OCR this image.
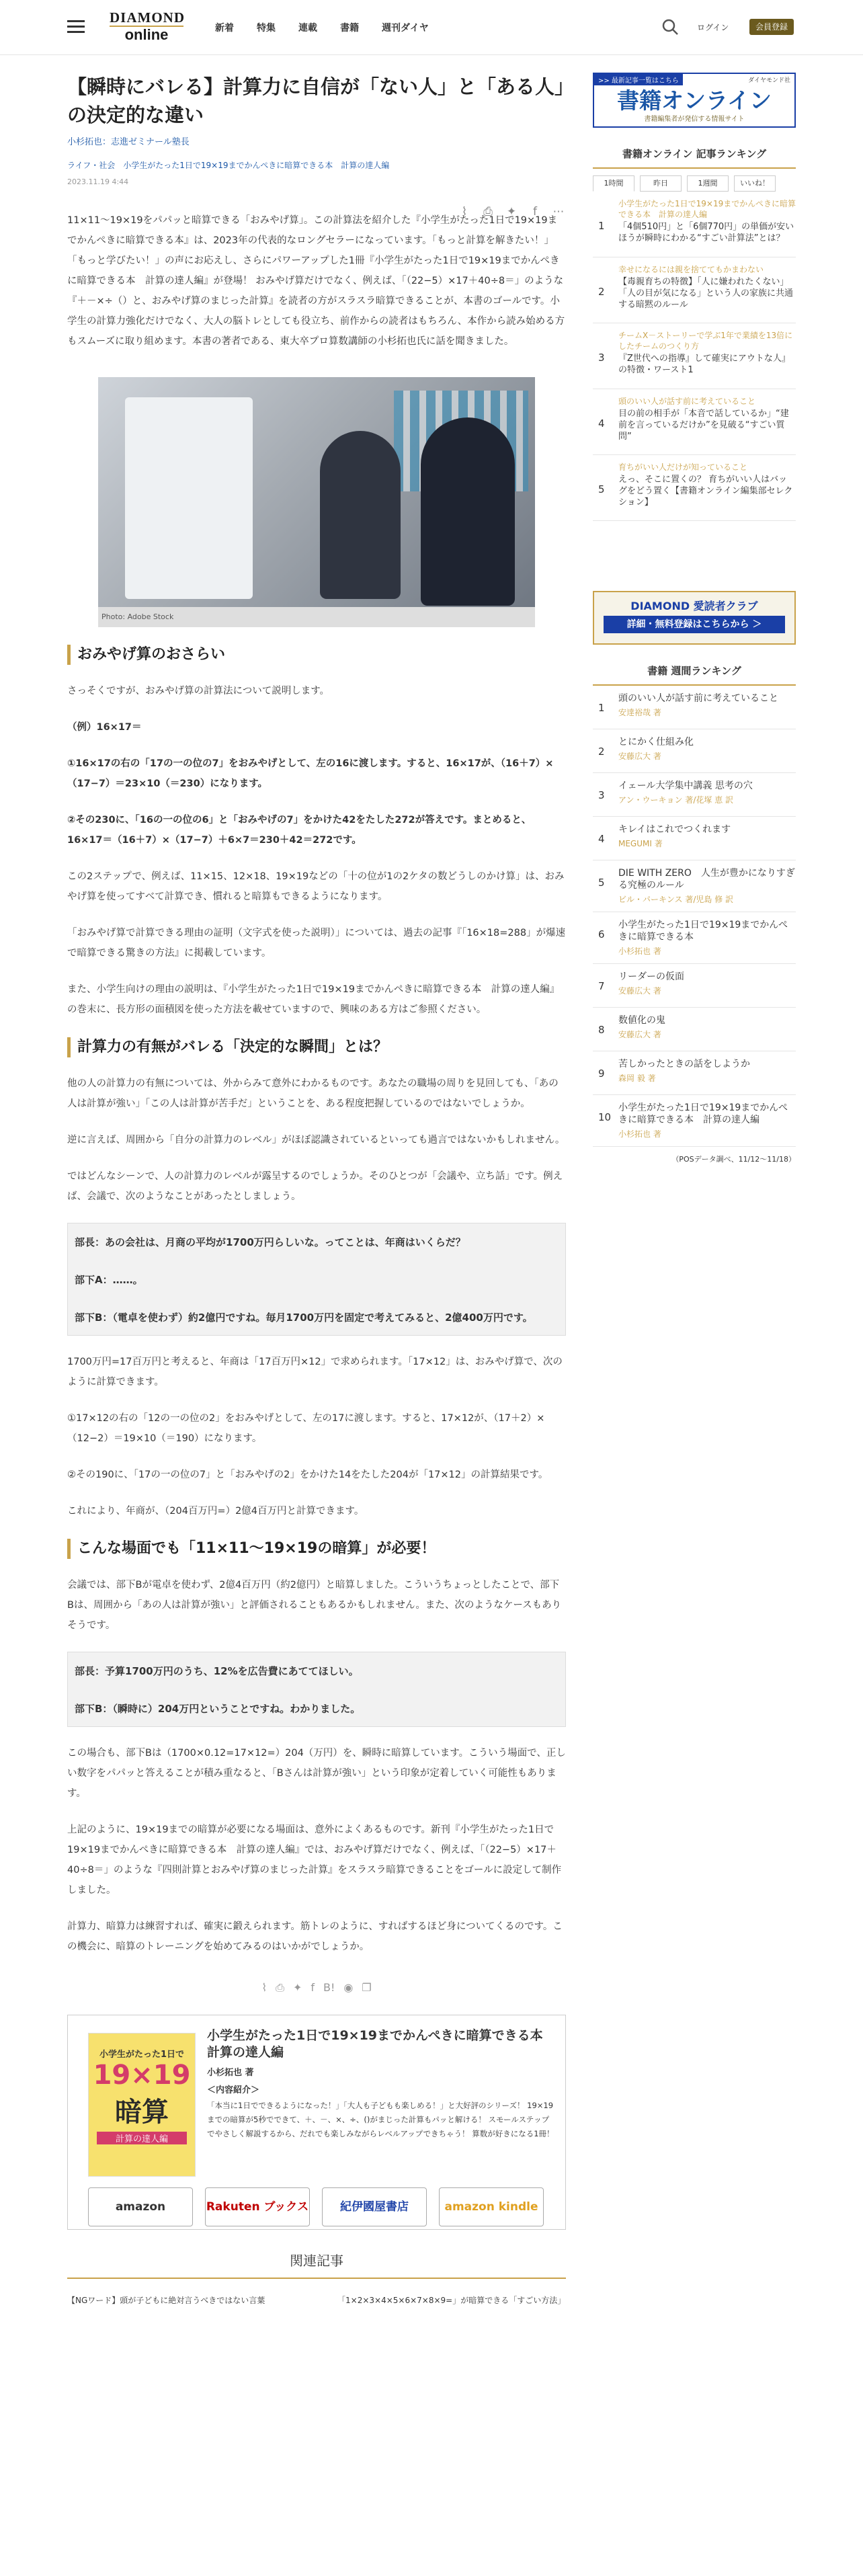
DIAMOND
online	新着 特集 連載 書籍 週刊ダイヤ	ログイン	会員登録
【瞬時にバレる】計算力に自信が「ない人」と「ある人」の決定的な違い
小杉拓也：志進ゼミナール塾長
ライフ・社会　小学生がたった1日で19×19までかんぺきに暗算できる本　計算の達人編
2023.11.19 4:44
⌇	⎙ ✦	f	⋯

11×11～19×19をパパッと暗算できる「おみやげ算」。この計算法を紹介した『小学生がたった1日で19×19までかんぺきに暗算できる本』は、2023年の代表的なロングセラーになっています。「もっと計算を解きたい！」「もっと学びたい！」の声にお応えし、さらにパワーアップした1冊『小学生がたった1日で19×19までかんぺきに暗算できる本　計算の達人編』が登場！ おみやげ算だけでなく、例えば、「（22−5）×17＋40÷8＝」のような『＋－×÷（）と、おみやげ算のまじった計算』を読者の方がスラスラ暗算できることが、本書のゴールです。小学生の計算力強化だけでなく、大人の脳トレとしても役立ち、前作からの読者はもちろん、本作から読み始める方もスムーズに取り組めます。本書の著者である、東大卒プロ算数講師の小杉拓也氏に話を聞きました。

Photo: Adobe Stock
おみやげ算のおさらい

さっそくですが、おみやげ算の計算法について説明します。

（例）16×17＝

①16×17の右の「17の一の位の7」をおみやげとして、左の16に渡します。すると、16×17が、（16＋7）×（17−7）＝23×10（＝230）になります。

②その230に、「16の一の位の6」と「おみやげの7」をかけた42をたした272が答えです。まとめると、16×17＝（16＋7）×（17−7）＋6×7＝230＋42＝272です。

この2ステップで、例えば、11×15、12×18、19×19などの「十の位が1の2ケタの数どうしのかけ算」は、おみやげ算を使ってすべて計算でき、慣れると暗算もできるようになります。

「おみやげ算で計算できる理由の証明（文字式を使った説明）」については、過去の記事『「16×18=288」が爆速で暗算できる驚きの方法』に掲載しています。

また、小学生向けの理由の説明は、『小学生がたった1日で19×19までかんぺきに暗算できる本　計算の達人編』の巻末に、長方形の面積図を使った方法を載せていますので、興味のある方はご参照ください。

計算力の有無がバレる「決定的な瞬間」とは？

他の人の計算力の有無については、外からみて意外にわかるものです。あなたの職場の周りを見回しても、「あの人は計算が強い」「この人は計算が苦手だ」ということを、ある程度把握しているのではないでしょうか。

逆に言えば、周囲から「自分の計算力のレベル」がほぼ認識されているといっても過言ではないかもしれません。

ではどんなシーンで、人の計算力のレベルが露呈するのでしょうか。そのひとつが「会議や、立ち話」です。例えば、会議で、次のようなことがあったとしましょう。

部長：あの会社は、月商の平均が1700万円らしいな。ってことは、年商はいくらだ？
部下A：……。
部下B：（電卓を使わず）約2億円ですね。毎月1700万円を固定で考えてみると、2億400万円です。

1700万円=17百万円と考えると、年商は「17百万円×12」で求められます。「17×12」は、おみやげ算で、次のように計算できます。

①17×12の右の「12の一の位の2」をおみやげとして、左の17に渡します。すると、17×12が、（17＋2）×（12−2）＝19×10（＝190）になります。

②その190に、「17の一の位の7」と「おみやげの2」をかけた14をたした204が「17×12」の計算結果です。

これにより、年商が、（204百万円=）2億4百万円と計算できます。

こんな場面でも「11×11～19×19の暗算」が必要！

会議では、部下Bが電卓を使わず、2億4百万円（約2億円）と暗算しました。こういうちょっとしたことで、部下Bは、周囲から「あの人は計算が強い」と評価されることもあるかもしれません。また、次のようなケースもありそうです。

部長：予算1700万円のうち、12%を広告費にあててほしい。
部下B：（瞬時に）204万円ということですね。わかりました。

この場合も、部下Bは（1700×0.12=17×12=）204（万円）を、瞬時に暗算しています。こういう場面で、正しい数字をパパッと答えることが積み重なると、「Bさんは計算が強い」という印象が定着していく可能性もあります。

上記のように、19×19までの暗算が必要になる場面は、意外によくあるものです。新刊『小学生がたった1日で19×19までかんぺきに暗算できる本　計算の達人編』では、おみやげ算だけでなく、例えば、「（22−5）×17＋40÷8＝」のような『四則計算とおみやげ算のまじった計算』をスラスラ暗算できることをゴールに設定して制作しました。

計算力、暗算力は練習すれば、確実に鍛えられます。筋トレのように、すればするほど身についてくるのです。この機会に、暗算のトレーニングを始めてみるのはいかがでしょうか。

⌇ ⎙ ✦ f B! ◉ ❐
小学生がたった1日で
19×19
暗算
計算の達人編
小学生がたった1日で19×19までかんぺきに暗算できる本　計算の達人編
小杉拓也 著
＜内容紹介＞
「本当に1日でできるようになった！」「大人も子どもも楽しめる！」と大好評のシリーズ！ 19×19までの暗算が5秒でできて、＋、－、×、÷、()がまじった計算もパッと解ける！ スモールステップでやさしく解説するから、だれでも楽しみながらレベルアップできちゃう！ 算数が好きになる1冊！
amazon	Rakuten ブックス	紀伊國屋書店	amazon kindle
関連記事
【NGワード】頭が子どもに絶対言うべきではない言葉	「1×2×3×4×5×6×7×8×9=」が暗算できる「すごい方法」
>> 最新記事一覧はこちら	ダイヤモンド社
書籍オンライン
書籍編集者が発信する情報サイト
書籍オンライン 記事ランキング
1時間	昨日	1週間	いいね！
1
小学生がたった1日で19×19までかんぺきに暗算できる本　計算の達人編
「4個510円」と「6個770円」の単価が安いほうが瞬時にわかる“すごい計算法”とは？
2
幸せになるには親を捨ててもかまわない
【毒親育ちの特徴】「人に嫌われたくない」「人の目が気になる」という人の家族に共通する暗黙のルール
3
チームX－ストーリーで学ぶ1年で業績を13倍にしたチームのつくり方
『Z世代への指導』して確実にアウトな人』の特徴・ワースト1
4
頭のいい人が話す前に考えていること
目の前の相手が「本音で話しているか」“建前を言っているだけか”を見破る“すごい質問”
5
育ちがいい人だけが知っていること
えっ、そこに置くの？ 育ちがいい人はバッグをどう置く【書籍オンライン編集部セレクション】
DIAMOND 愛読者クラブ
詳細・無料登録はこちらから ＞
書籍 週間ランキング
1
頭のいい人が話す前に考えていること
安達裕哉 著
2
とにかく仕組み化
安藤広大 著
3
イェール大学集中講義 思考の穴
アン・ウーキョン 著/花塚 恵 訳
4
キレイはこれでつくれます
MEGUMI 著
5
DIE WITH ZERO　人生が豊かになりすぎる究極のルール
ビル・パーキンス 著/児島 修 訳
6
小学生がたった1日で19×19までかんぺきに暗算できる本
小杉拓也 著
7
リーダーの仮面
安藤広大 著
8
数値化の鬼
安藤広大 著
9
苦しかったときの話をしようか
森岡 毅 著
10
小学生がたった1日で19×19までかんぺきに暗算できる本　計算の達人編
小杉拓也 著
（POSデータ調べ、11/12～11/18）
